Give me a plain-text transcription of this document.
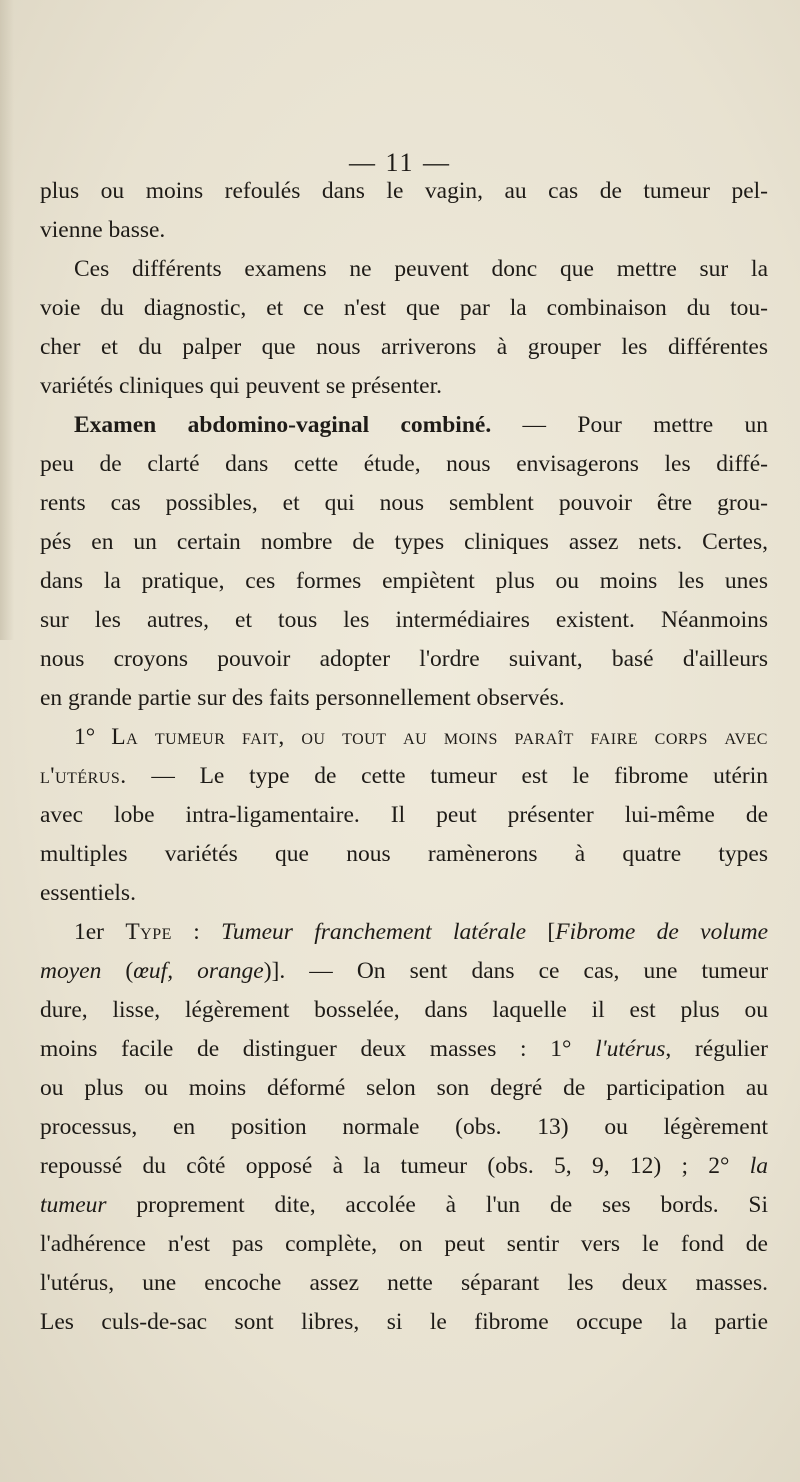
— 11 —
plus ou moins refoulés dans le vagin, au cas de tumeur pel-
vienne basse.
Ces différents examens ne peuvent donc que mettre sur la
voie du diagnostic, et ce n'est que par la combinaison du tou-
cher et du palper que nous arriverons à grouper les différentes
variétés cliniques qui peuvent se présenter.
Examen abdomino-vaginal combiné. — Pour mettre un
peu de clarté dans cette étude, nous envisagerons les diffé-
rents cas possibles, et qui nous semblent pouvoir être grou-
pés en un certain nombre de types cliniques assez nets. Certes,
dans la pratique, ces formes empiètent plus ou moins les unes
sur les autres, et tous les intermédiaires existent. Néanmoins
nous croyons pouvoir adopter l'ordre suivant, basé d'ailleurs
en grande partie sur des faits personnellement observés.
1° La tumeur fait, ou tout au moins paraît faire corps avec
l'utérus. — Le type de cette tumeur est le fibrome utérin
avec lobe intra-ligamentaire. Il peut présenter lui-même de
multiples variétés que nous ramènerons à quatre types
essentiels.
1er Type : Tumeur franchement latérale [Fibrome de volume
moyen (œuf, orange)]. — On sent dans ce cas, une tumeur
dure, lisse, légèrement bosselée, dans laquelle il est plus ou
moins facile de distinguer deux masses : 1° l'utérus, régulier
ou plus ou moins déformé selon son degré de participation au
processus, en position normale (obs. 13) ou légèrement
repoussé du côté opposé à la tumeur (obs. 5, 9, 12) ; 2° la
tumeur proprement dite, accolée à l'un de ses bords. Si
l'adhérence n'est pas complète, on peut sentir vers le fond de
l'utérus, une encoche assez nette séparant les deux masses.
Les culs-de-sac sont libres, si le fibrome occupe la partie
